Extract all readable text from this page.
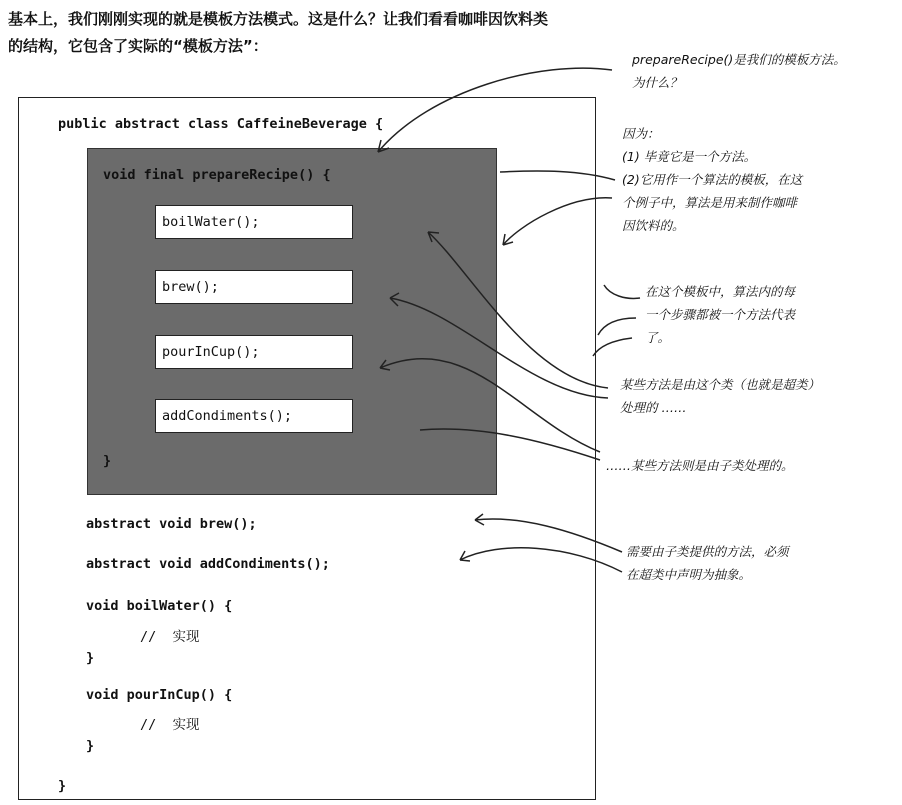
基本上，我们刚刚实现的就是模板方法模式。这是什么？让我们看看咖啡因饮料类
的结构，它包含了实际的“模板方法”：
public abstract class CaffeineBeverage {
void final prepareRecipe() {
boilWater();
brew();
pourInCup();
addCondiments();
}
abstract void brew();
abstract void addCondiments();
void boilWater() {
//  实现
}
void pourInCup() {
//  实现
}
}
prepareRecipe()是我们的模板方法。
为什么？
因为：
(1) 毕竟它是一个方法。
(2)它用作一个算法的模板，在这
个例子中，算法是用来制作咖啡
因饮料的。
在这个模板中，算法内的每
一个步骤都被一个方法代表
了。
某些方法是由这个类（也就是超类）
处理的 ……
……某些方法则是由子类处理的。
需要由子类提供的方法，必须
在超类中声明为抽象。
